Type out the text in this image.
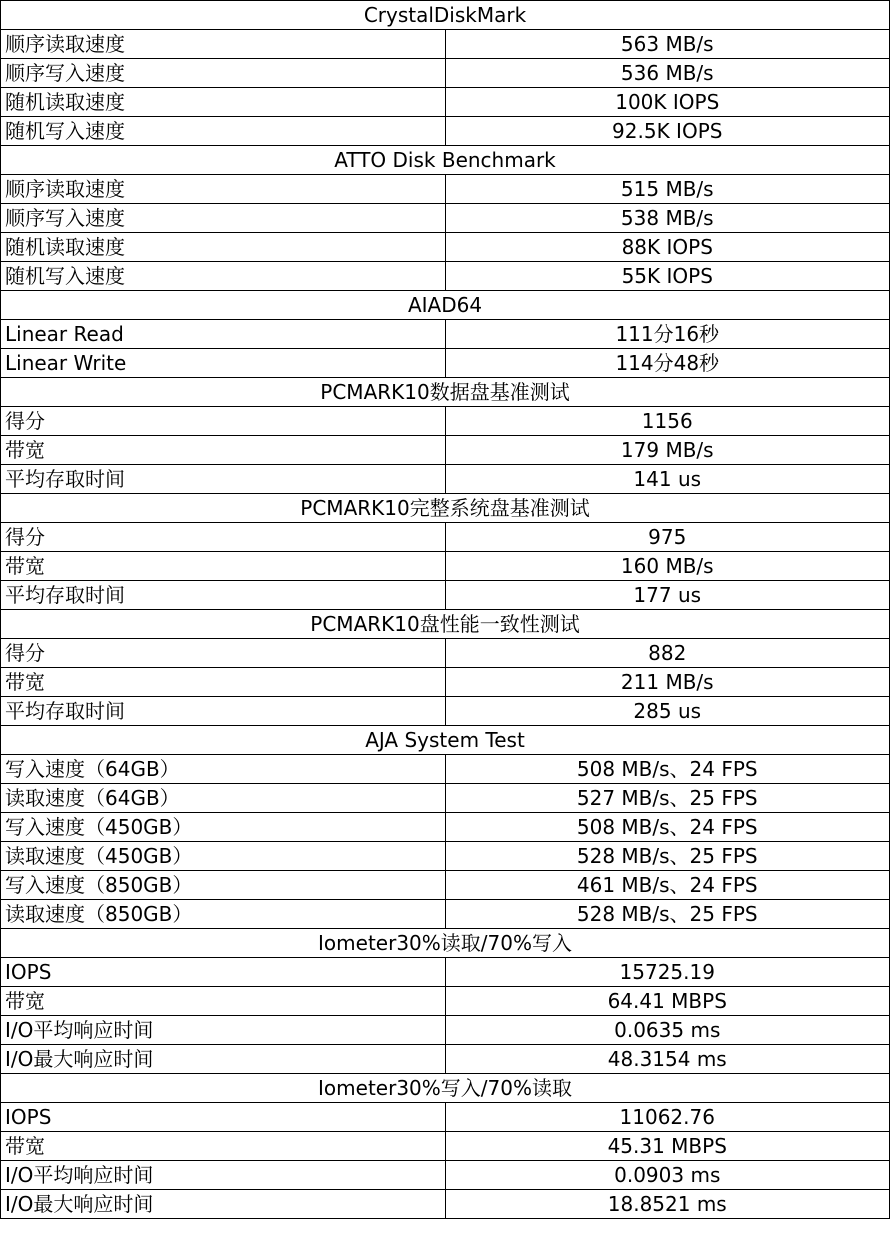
CrystalDiskMark	
顺序读取速度	563 MB/s
顺序写入速度	536 MB/s
随机读取速度	100K IOPS
随机写入速度	92.5K IOPS
ATTO Disk Benchmark	
顺序读取速度	515 MB/s
顺序写入速度	538 MB/s
随机读取速度	88K IOPS
随机写入速度	55K IOPS
AIAD64	
Linear Read	111分16秒
Linear Write	114分48秒
PCMARK10数据盘基准测试	
得分	1156
带宽	179 MB/s
平均存取时间	141 us
PCMARK10完整系统盘基准测试	
得分	975
带宽	160 MB/s
平均存取时间	177 us
PCMARK10盘性能一致性测试	
得分	882
带宽	211 MB/s
平均存取时间	285 us
AJA System Test	
写入速度（64GB）	508 MB/s、24 FPS
读取速度（64GB）	527 MB/s、25 FPS
写入速度（450GB）	508 MB/s、24 FPS
读取速度（450GB）	528 MB/s、25 FPS
写入速度（850GB）	461 MB/s、24 FPS
读取速度（850GB）	528 MB/s、25 FPS
Iometer30%读取/70%写入	
IOPS	15725.19
带宽	64.41 MBPS
I/O平均响应时间	0.0635 ms
I/O最大响应时间	48.3154 ms
Iometer30%写入/70%读取	
IOPS	11062.76
带宽	45.31 MBPS
I/O平均响应时间	0.0903 ms
I/O最大响应时间	18.8521 ms
